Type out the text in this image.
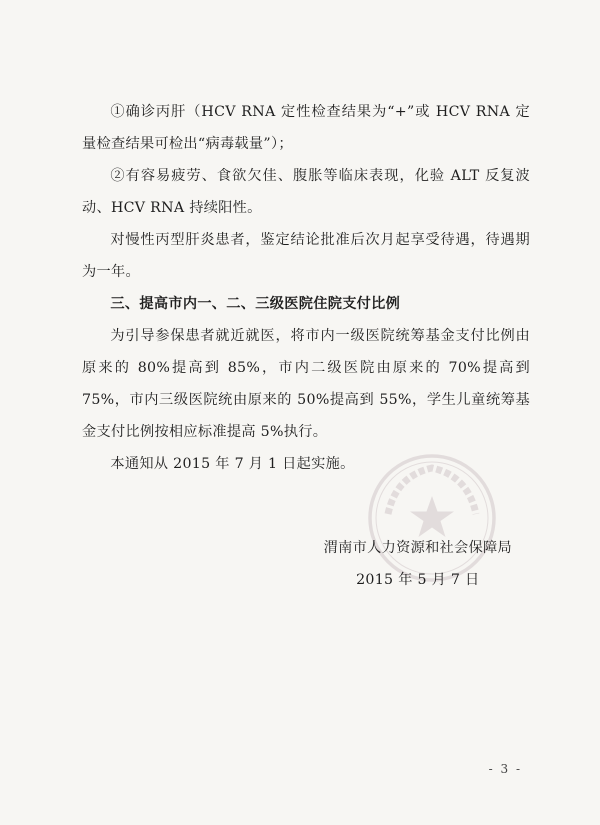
①确诊丙肝（HCV RNA 定性检查结果为“+”或 HCV RNA 定量检查结果可检出“病毒载量”）；

②有容易疲劳、食欲欠佳、腹胀等临床表现，化验 ALT 反复波动、HCV RNA 持续阳性。

对慢性丙型肝炎患者，鉴定结论批准后次月起享受待遇，待遇期为一年。

三、提高市内一、二、三级医院住院支付比例

为引导参保患者就近就医，将市内一级医院统筹基金支付比例由原来的 80%提高到 85%，市内二级医院由原来的 70%提高到 75%，市内三级医院统由原来的 50%提高到 55%，学生儿童统筹基金支付比例按相应标准提高 5%执行。

本通知从 2015 年 7 月 1 日起实施。

渭南市人力资源和社会保障局
2015 年 5 月 7 日
- 3 -
